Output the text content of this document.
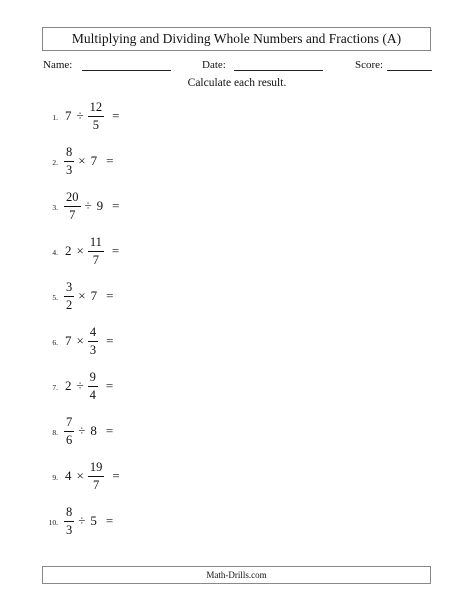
Multiplying and Dividing Whole Numbers and Fractions (A)
Name:	Date:	Score:
Calculate each result.
1. $7 \div \frac{12}{5}$ =
2. $\frac{8}{3} \times 7$ =
3. $\frac{20}{7} \div 9$ =
4. $2 \times \frac{11}{7}$ =
5. $\frac{3}{2} \times 7$ =
6. $7 \times \frac{4}{3}$ =
7. $2 \div \frac{9}{4}$ =
8. $\frac{7}{6} \div 8$ =
9. $4 \times \frac{19}{7}$ =
10. $\frac{8}{3} \div 5$ =
Math-Drills.com
